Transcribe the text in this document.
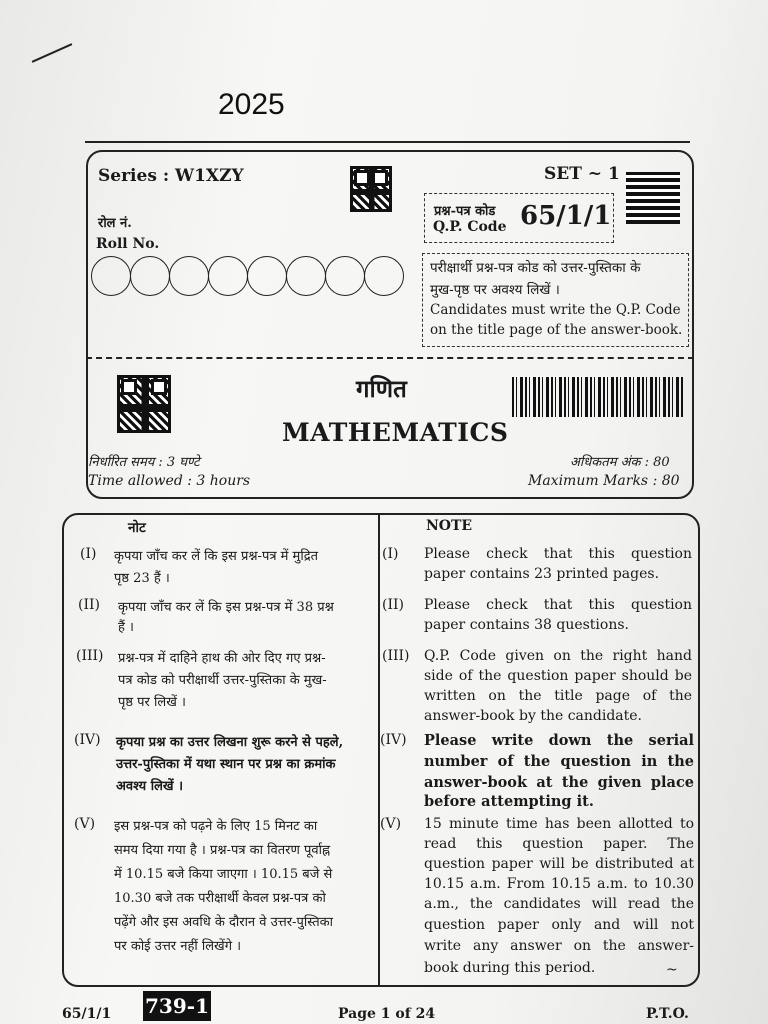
2025
Series : W1XZY	SET ~ 1
प्रश्न-पत्र कोड
Q.P. Code 65/1/1
रोल नं.
Roll No.
परीक्षार्थी प्रश्न-पत्र कोड को उत्तर-पुस्तिका के
मुख-पृष्ठ पर अवश्य लिखें ।
Candidates must write the Q.P. Code
on the title page of the answer-book.
गणित
MATHEMATICS
निर्धारित समय : 3 घण्टे
Time allowed : 3 hours
अधिकतम अंक : 80
Maximum Marks : 80
नोट	NOTE
(I) कृपया जाँच कर लें कि इस प्रश्न-पत्र में मुद्रित
पृष्ठ 23 हैं ।
(I) Please check that this question
paper contains 23 printed pages.
(II) कृपया जाँच कर लें कि इस प्रश्न-पत्र में 38 प्रश्न
हैं ।
(II) Please check that this question
paper contains 38 questions.
(III) प्रश्न-पत्र में दाहिने हाथ की ओर दिए गए प्रश्न-
पत्र कोड को परीक्षार्थी उत्तर-पुस्तिका के मुख-
पृष्ठ पर लिखें ।
(III) Q.P. Code given on the right hand
side of the question paper should be
written on the title page of the
answer-book by the candidate.
(IV) कृपया प्रश्न का उत्तर लिखना शुरू करने से पहले,
उत्तर-पुस्तिका में यथा स्थान पर प्रश्न का क्रमांक
अवश्य लिखें ।
(IV) Please write down the serial
number of the question in the
answer-book at the given place
before attempting it.
(V) इस प्रश्न-पत्र को पढ़ने के लिए 15 मिनट का
समय दिया गया है । प्रश्न-पत्र का वितरण पूर्वाह्न
में 10.15 बजे किया जाएगा । 10.15 बजे से
10.30 बजे तक परीक्षार्थी केवल प्रश्न-पत्र को
पढ़ेंगे और इस अवधि के दौरान वे उत्तर-पुस्तिका
पर कोई उत्तर नहीं लिखेंगे ।
(V) 15 minute time has been allotted to
read this question paper. The
question paper will be distributed at
10.15 a.m. From 10.15 a.m. to 10.30
a.m., the candidates will read the
question paper only and will not
write any answer on the answer-
book during this period.	~
65/1/1 739-1	Page 1 of 24	P.T.O.
